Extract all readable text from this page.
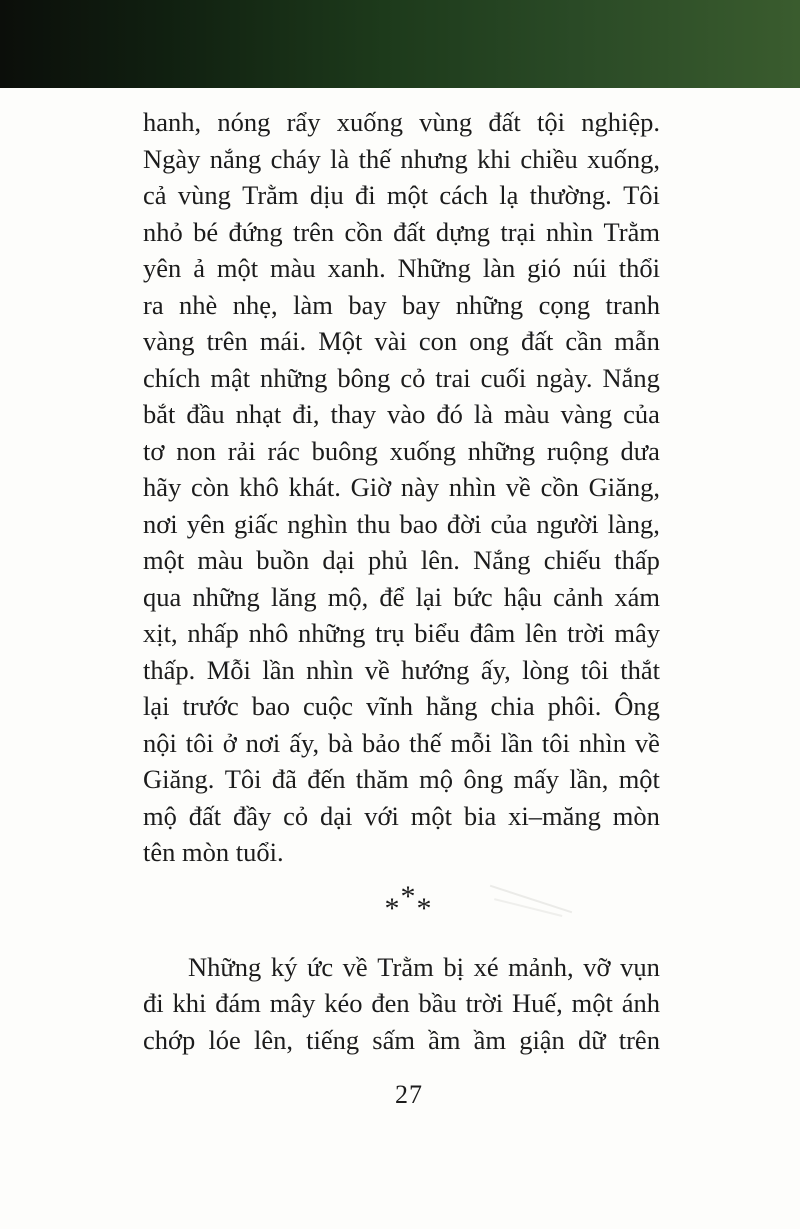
hanh, nóng rẩy xuống vùng đất tội nghiệp.
Ngày nắng cháy là thế nhưng khi chiều xuống,
cả vùng Trằm dịu đi một cách lạ thường. Tôi
nhỏ bé đứng trên cồn đất dựng trại nhìn Trằm
yên ả một màu xanh. Những làn gió núi thổi
ra nhè nhẹ, làm bay bay những cọng tranh
vàng trên mái. Một vài con ong đất cần mẫn
chích mật những bông cỏ trai cuối ngày. Nắng
bắt đầu nhạt đi, thay vào đó là màu vàng của
tơ non rải rác buông xuống những ruộng dưa
hãy còn khô khát. Giờ này nhìn về cồn Giăng,
nơi yên giấc nghìn thu bao đời của người làng,
một màu buồn dại phủ lên. Nắng chiếu thấp
qua những lăng mộ, để lại bức hậu cảnh xám
xịt, nhấp nhô những trụ biểu đâm lên trời mây
thấp. Mỗi lần nhìn về hướng ấy, lòng tôi thắt
lại trước bao cuộc vĩnh hằng chia phôi. Ông
nội tôi ở nơi ấy, bà bảo thế mỗi lần tôi nhìn về
Giăng. Tôi đã đến thăm mộ ông mấy lần, một
mộ đất đầy cỏ dại với một bia xi–măng mòn
tên mòn tuổi.
***
Những ký ức về Trằm bị xé mảnh, vỡ vụn
đi khi đám mây kéo đen bầu trời Huế, một ánh
chớp lóe lên, tiếng sấm ầm ầm giận dữ trên
27
